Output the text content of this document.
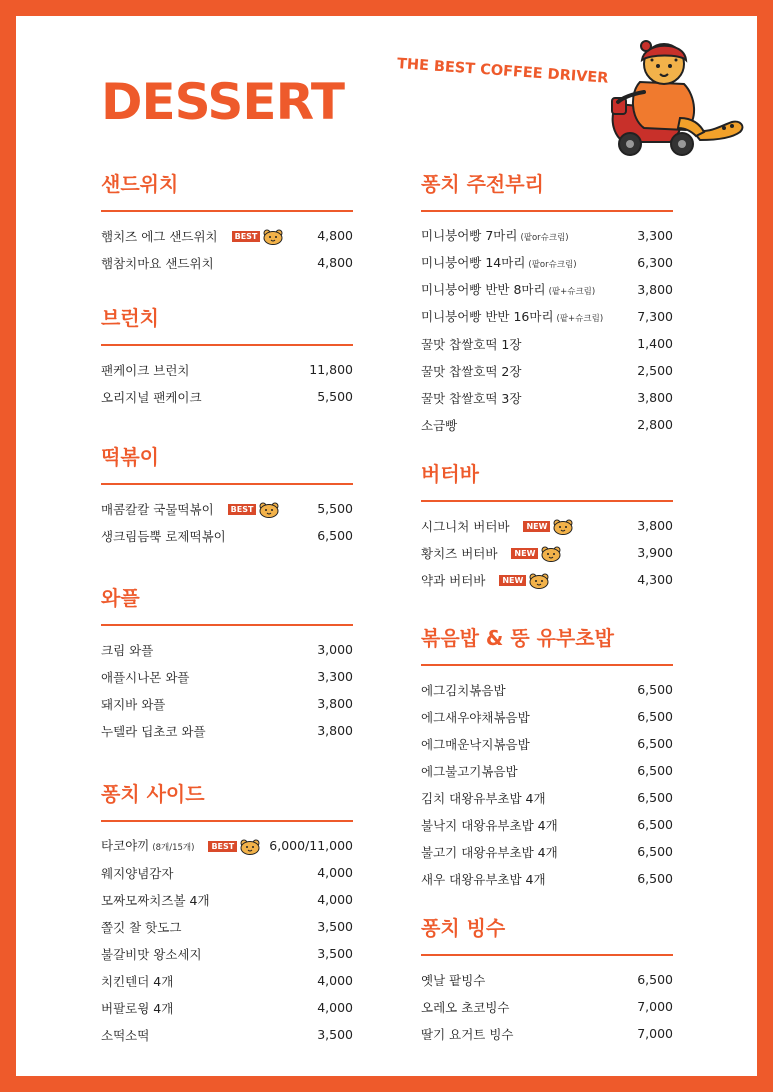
DESSERT
THE BEST COFFEE DRIVER
샌드위치
햄치즈 에그 샌드위치 BEST	4,800
햄참치마요 샌드위치	4,800
브런치
팬케이크 브런치	11,800
오리지널 팬케이크	5,500
떡볶이
매콤칼칼 국물떡볶이 BEST	5,500
생크림듬뿍 로제떡볶이	6,500
와플
크림 와플	3,000
애플시나몬 와플	3,300
돼지바 와플	3,800
누텔라 딥초코 와플	3,800
퐁치 사이드
타코야끼 (8개/15개) BEST	6,000/11,000
웨지양념감자	4,000
모짜모짜치즈볼 4개	4,000
쫄깃 찰 핫도그	3,500
불갈비맛 왕소세지	3,500
치킨텐더 4개	4,000
버팔로윙 4개	4,000
소떡소떡	3,500
퐁치 주전부리
미니붕어빵 7마리 (팥or슈크림)	3,300
미니붕어빵 14마리 (팥or슈크림)	6,300
미니붕어빵 반반 8마리 (팥+슈크림)	3,800
미니붕어빵 반반 16마리 (팥+슈크림)	7,300
꿀맛 찹쌀호떡 1장	1,400
꿀맛 찹쌀호떡 2장	2,500
꿀맛 찹쌀호떡 3장	3,800
소금빵	2,800
버터바
시그니처 버터바 NEW	3,800
황치즈 버터바 NEW	3,900
약과 버터바 NEW	4,300
볶음밥 & 뚱 유부초밥
에그김치볶음밥	6,500
에그새우야채볶음밥	6,500
에그매운낙지볶음밥	6,500
에그불고기볶음밥	6,500
김치 대왕유부초밥 4개	6,500
불낙지 대왕유부초밥 4개	6,500
불고기 대왕유부초밥 4개	6,500
새우 대왕유부초밥 4개	6,500
퐁치 빙수
옛날 팥빙수	6,500
오레오 초코빙수	7,000
딸기 요거트 빙수	7,000
